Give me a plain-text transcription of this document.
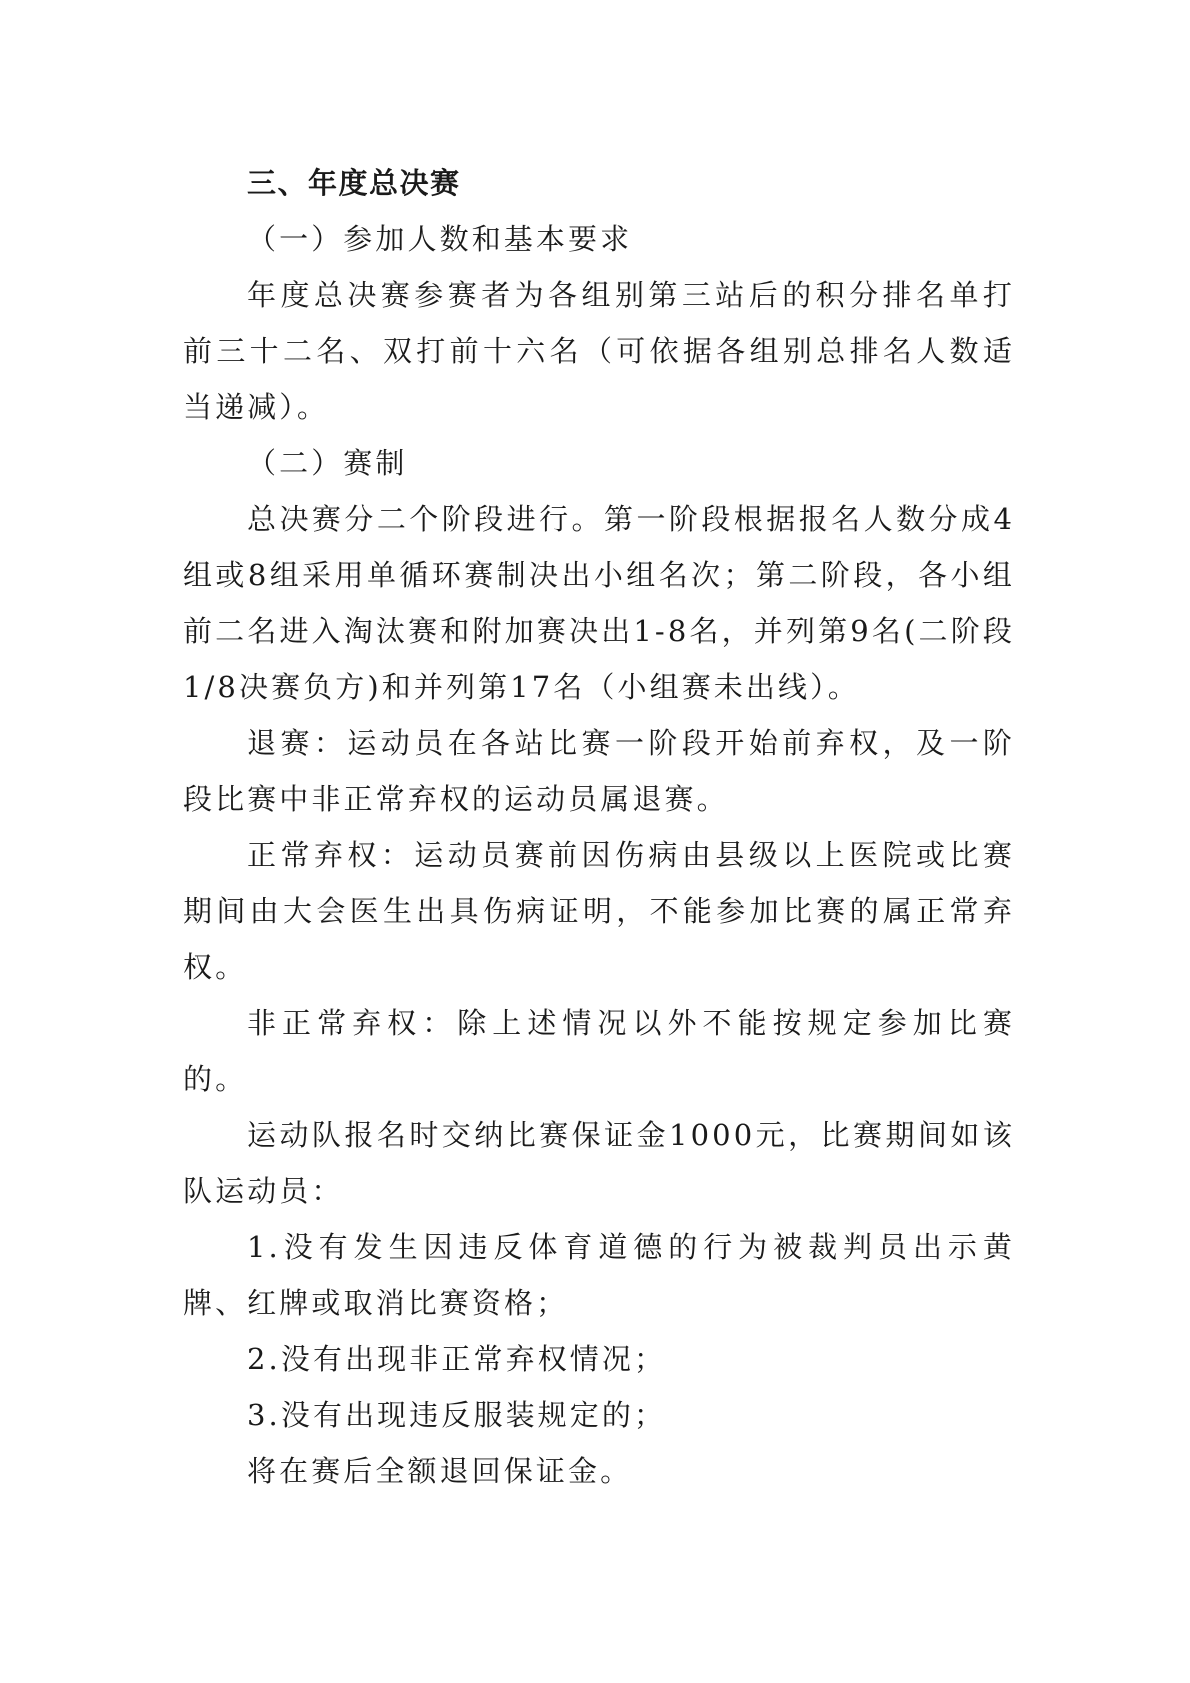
三、年度总决赛

（一）参加人数和基本要求

年度总决赛参赛者为各组别第三站后的积分排名单打前三十二名、双打前十六名（可依据各组别总排名人数适当递减）。

（二）赛制

总决赛分二个阶段进行。第一阶段根据报名人数分成4组或8组采用单循环赛制决出小组名次；第二阶段，各小组前二名进入淘汰赛和附加赛决出1-8名，并列第9名(二阶段1/8决赛负方)和并列第17名（小组赛未出线）。

退赛：运动员在各站比赛一阶段开始前弃权，及一阶段比赛中非正常弃权的运动员属退赛。

正常弃权：运动员赛前因伤病由县级以上医院或比赛期间由大会医生出具伤病证明，不能参加比赛的属正常弃权。

非正常弃权：除上述情况以外不能按规定参加比赛的。

运动队报名时交纳比赛保证金1000元，比赛期间如该队运动员：

1.没有发生因违反体育道德的行为被裁判员出示黄牌、红牌或取消比赛资格；

2.没有出现非正常弃权情况；

3.没有出现违反服装规定的；

将在赛后全额退回保证金。
